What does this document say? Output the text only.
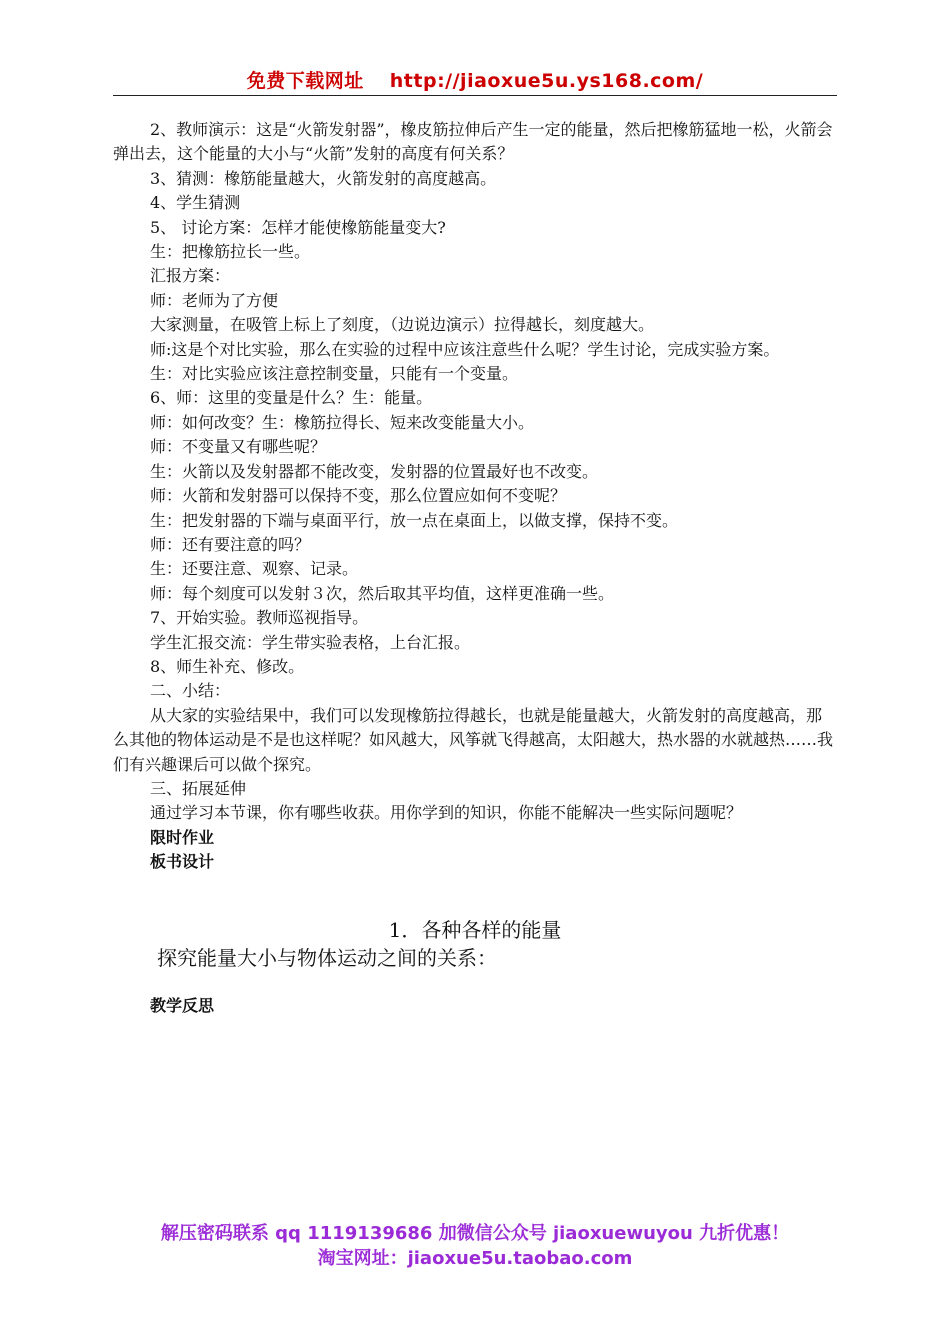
免费下载网址 http://jiaoxue5u.ys168.com/

2、教师演示：这是“火箭发射器”，橡皮筋拉伸后产生一定的能量，然后把橡筋猛地一松，火箭会弹出去，这个能量的大小与“火箭”发射的高度有何关系？

3、猜测：橡筋能量越大，火箭发射的高度越高。

4、学生猜测

5、 讨论方案：怎样才能使橡筋能量变大?

生：把橡筋拉长一些。

汇报方案：

师：老师为了方便

大家测量，在吸管上标上了刻度，（边说边演示）拉得越长，刻度越大。

师:这是个对比实验，那么在实验的过程中应该注意些什么呢？学生讨论，完成实验方案。

生：对比实验应该注意控制变量，只能有一个变量。

6、师：这里的变量是什么？生：能量。

师：如何改变？生：橡筋拉得长、短来改变能量大小。

师：不变量又有哪些呢？

生：火箭以及发射器都不能改变，发射器的位置最好也不改变。

师：火箭和发射器可以保持不变，那么位置应如何不变呢？

生：把发射器的下端与桌面平行，放一点在桌面上，以做支撑，保持不变。

师：还有要注意的吗？

生：还要注意、观察、记录。

师：每个刻度可以发射３次，然后取其平均值，这样更准确一些。

7、开始实验。教师巡视指导。

学生汇报交流：学生带实验表格，上台汇报。

8、师生补充、修改。

二、小结：

从大家的实验结果中，我们可以发现橡筋拉得越长，也就是能量越大，火箭发射的高度越高，那么其他的物体运动是不是也这样呢？如风越大，风筝就飞得越高，太阳越大，热水器的水就越热……我们有兴趣课后可以做个探究。

三、拓展延伸

通过学习本节课，你有哪些收获。用你学到的知识，你能不能解决一些实际问题呢？

限时作业

板书设计

1．各种各样的能量
探究能量大小与物体运动之间的关系：
教学反思
解压密码联系 qq 1119139686 加微信公众号 jiaoxuewuyou 九折优惠！
淘宝网址：jiaoxue5u.taobao.com
